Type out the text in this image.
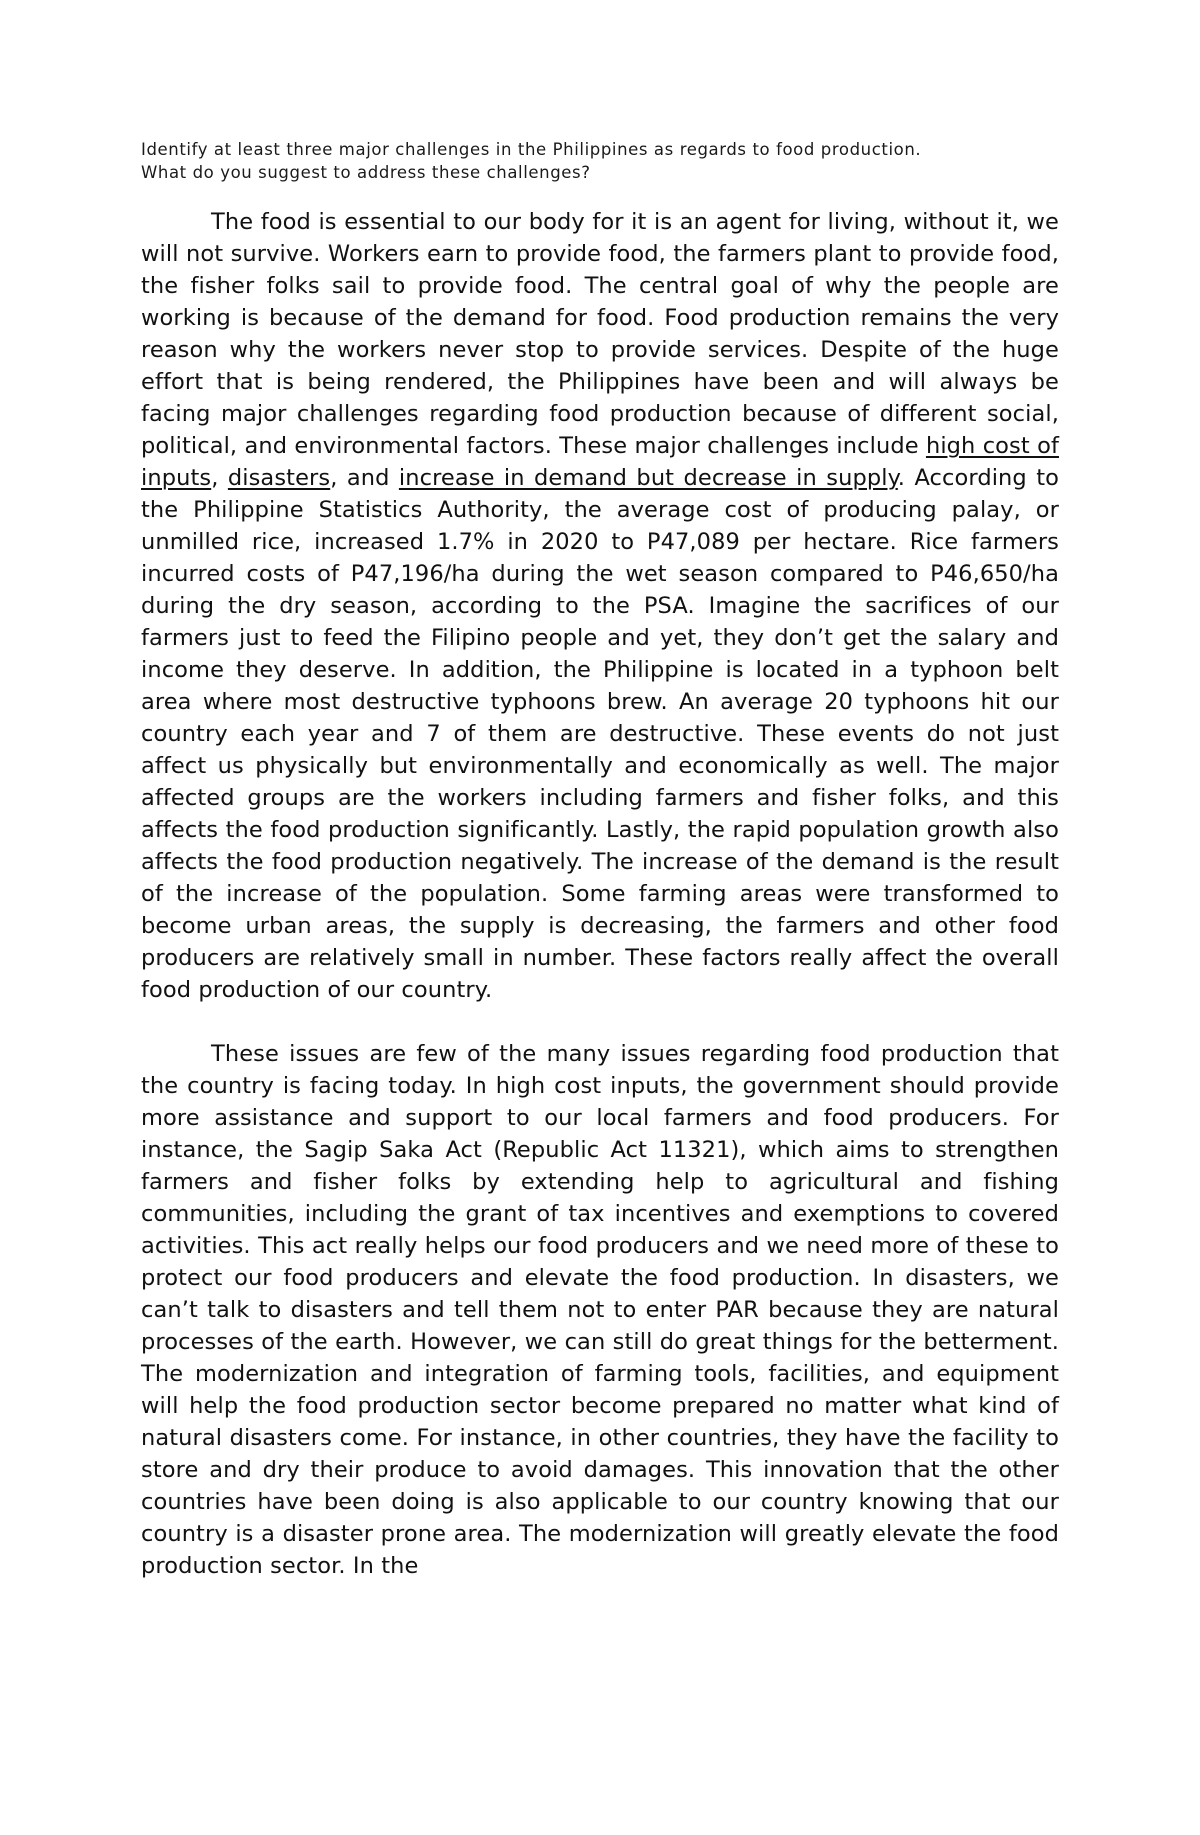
Identify at least three major challenges in the Philippines as regards to food production.
What do you suggest to address these challenges?

The food is essential to our body for it is an agent for living, without it, we will not survive. Workers earn to provide food, the farmers plant to provide food, the fisher folks sail to provide food. The central goal of why the people are working is because of the demand for food. Food production remains the very reason why the workers never stop to provide services. Despite of the huge effort that is being rendered, the Philippines have been and will always be facing major challenges regarding food production because of different social, political, and environmental factors. These major challenges include high cost of inputs, disasters, and increase in demand but decrease in supply. According to the Philippine Statistics Authority, the average cost of producing palay, or unmilled rice, increased 1.7% in 2020 to P47,089 per hectare. Rice farmers incurred costs of P47,196/ha during the wet season compared to P46,650/ha during the dry season, according to the PSA. Imagine the sacrifices of our farmers just to feed the Filipino people and yet, they don’t get the salary and income they deserve. In addition, the Philippine is located in a typhoon belt area where most destructive typhoons brew. An average 20 typhoons hit our country each year and 7 of them are destructive. These events do not just affect us physically but environmentally and economically as well. The major affected groups are the workers including farmers and fisher folks, and this affects the food production significantly. Lastly, the rapid population growth also affects the food production negatively. The increase of the demand is the result of the increase of the population. Some farming areas were transformed to become urban areas, the supply is decreasing, the farmers and other food producers are relatively small in number. These factors really affect the overall food production of our country.

These issues are few of the many issues regarding food production that the country is facing today. In high cost inputs, the government should provide more assistance and support to our local farmers and food producers. For instance, the Sagip Saka Act (Republic Act 11321), which aims to strengthen farmers and fisher folks by extending help to agricultural and fishing communities, including the grant of tax incentives and exemptions to covered activities. This act really helps our food producers and we need more of these to protect our food producers and elevate the food production. In disasters, we can’t talk to disasters and tell them not to enter PAR because they are natural processes of the earth. However, we can still do great things for the betterment. The modernization and integration of farming tools, facilities, and equipment will help the food production sector become prepared no matter what kind of natural disasters come. For instance, in other countries, they have the facility to store and dry their produce to avoid damages. This innovation that the other countries have been doing is also applicable to our country knowing that our country is a disaster prone area. The modernization will greatly elevate the food production sector. In the
